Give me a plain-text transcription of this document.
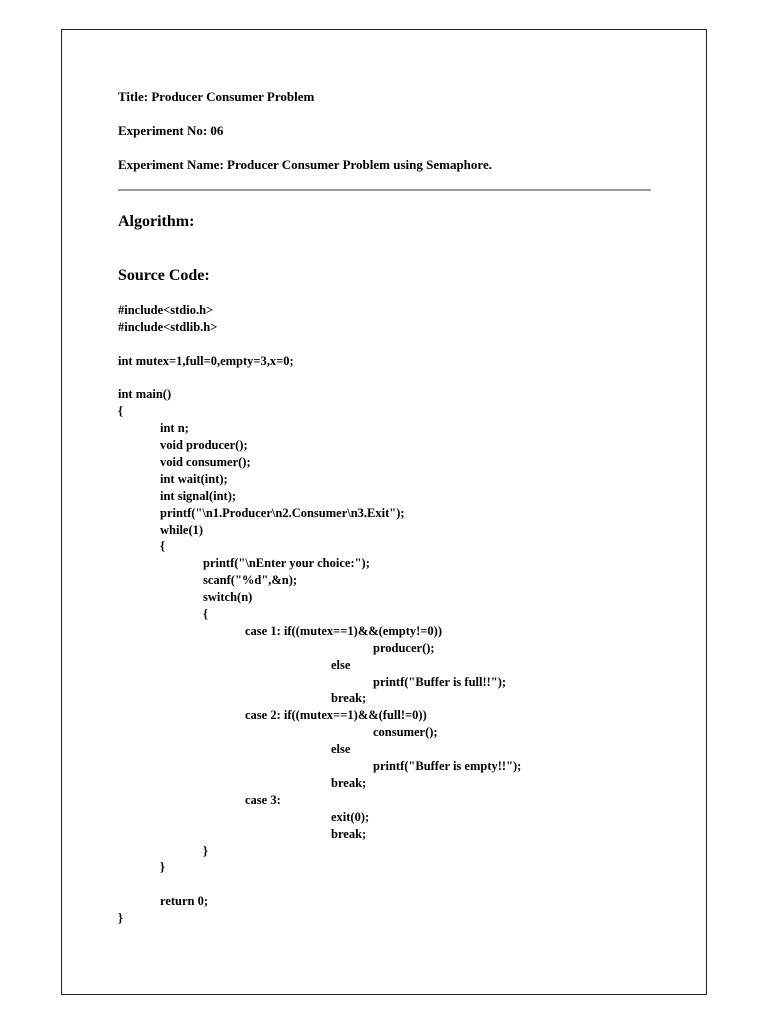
Title: Producer Consumer Problem
Experiment No: 06
Experiment Name: Producer Consumer Problem using Semaphore.
Algorithm:
Source Code:
#include<stdio.h>
#include<stdlib.h>
int mutex=1,full=0,empty=3,x=0;
int main()
{
int n;
void producer();
void consumer();
int wait(int);
int signal(int);
printf("\n1.Producer\n2.Consumer\n3.Exit");
while(1)
{
printf("\nEnter your choice:");
scanf("%d",&n);
switch(n)
{
case 1: if((mutex==1)&&(empty!=0))
producer();
else
printf("Buffer is full!!");
break;
case 2: if((mutex==1)&&(full!=0))
consumer();
else
printf("Buffer is empty!!");
break;
case 3:
exit(0);
break;
}
}
return 0;
}
